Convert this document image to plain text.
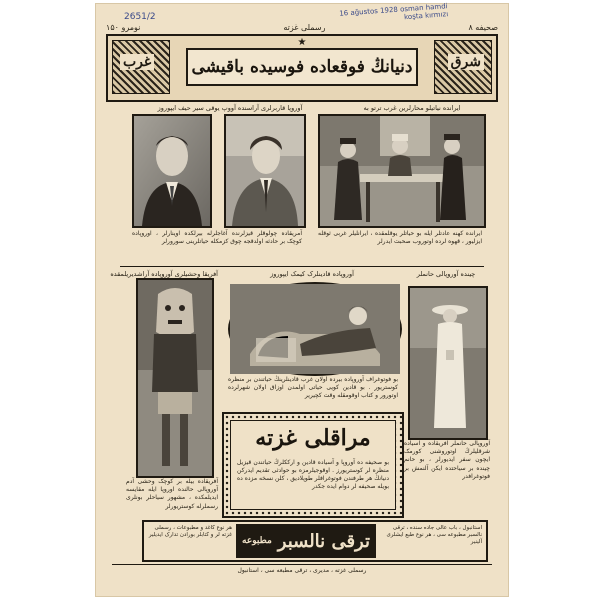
2651/2	16 ağustos 1928 osman hamdi koşta kırmızı
صحیفه ۸
رسملی غزته
نومرو ۱۵۰
غرب	شرق
دنیانڭ فوقعاده فوسیده باقیشی
★
آوروپا قاربرلری آراسنده آووپ یوقی سیر حیف ایپوروز	ایرانده نیاتیلو محارلرین غرب ترتو به
آمریقاده چولوقلر قیزلرنده آغاجلرله بیرلکده اوینارلر ، اوروپاده کوچک بر حادثه اولدقجه چوق کزمکله حیاتلرینی سورورلر
ایرانده کهنه عادتلر ایله بو حیاتلر یوقلمقده ، ایرانلیلر غربی ثوقله ایزلیور ، قهوه لرده اوتوروب صحبت ایدرلر
آفریقا وحشیلری آوروپاده آراشدیریلمقده	آوروپاده قادینلرک کیمک ایپوروز	چینده آوروپالی حانملر
بو فوتوغراف آوروپاده بیرده اولان غرب قادینلرینڭ حیاتندن بر منظره کوستریور . بو قادین کویی حیاتی اولمدن اوزاق اولان شهرلرده اوتورور و کتاب اوقومقله وقت کچیریر
آفریقاده بیله بر کوچک وحشی آدم آوروپالی حالنده اوروپا ایله مقایسه ایدیلمکده ، مشهور سیاحلر بونلری رسملرله کوستریورلر
آوروپالی حانملر آفریقاده و آسیاده شرقلیلرڭ اوتوروشنی کورمک ایچون سفر ایدیورلر ، بو حانم چینده بر سیاحتده ایکن آلنمش بر فوتوغرافدر
مراقلی غزته
بو صحیفه ده آوروپا و آسیاده قادین و ارککلرڭ حیاتندن قیزیل منظره لر کوستریورز . اوقوجیلرمزه بو حوادثی تقدیم ایدرکن دنیانڭ هر طرفندن فوتوغرافلر طوپلادیق ، کلن نسخه مزده ده بویله صحیفه لر دوام ایده جکدر
هر نوع کاغد و مطبوعات ، رسملی غزته لر و کتابلر بورادن تدارک ایدیلیر	ترقی نالسبر
مطبوعه
استانبول ، باب عالی جاده سنده ، ترقی نالسبر مطبوعه سی ، هر نوع طبع ایشلری آلینیر
رسملی غزته ، مدیری ، ترقی مطبعه سی ، استانبول
